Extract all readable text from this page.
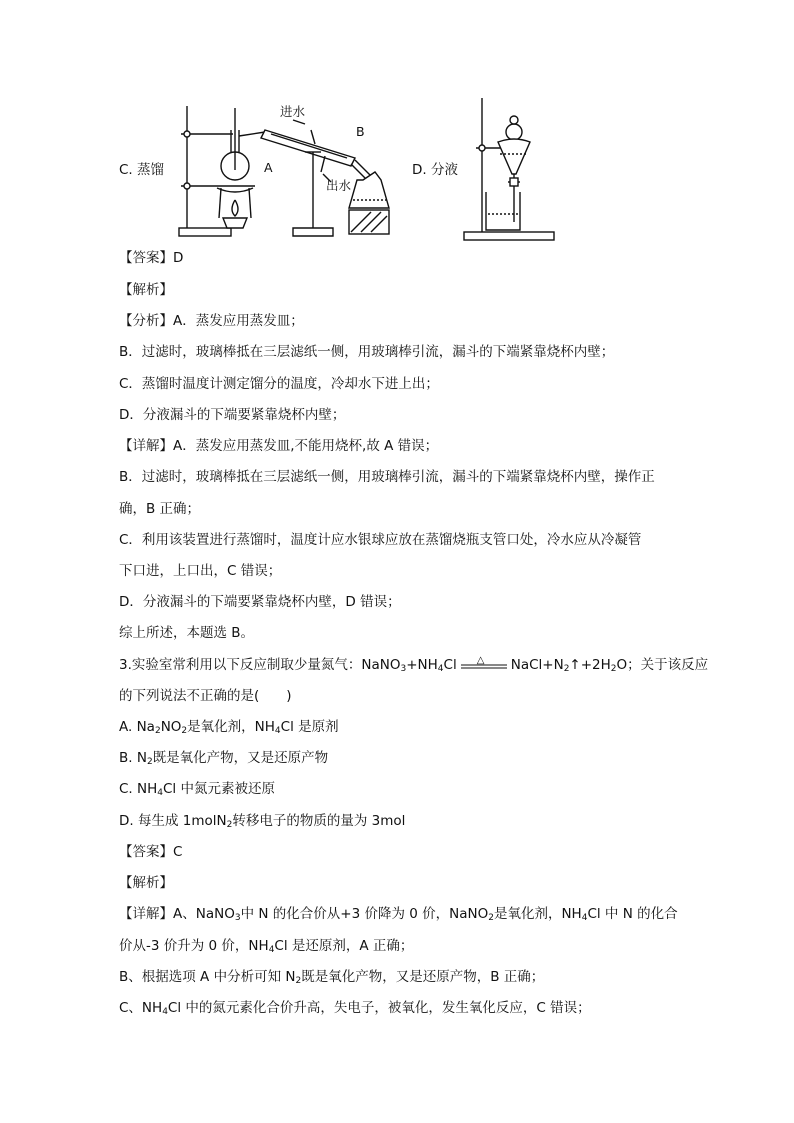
C. 蒸馏
进水
出水
A
B
D. 分液
【答案】D
【解析】
【分析】A．蒸发应用蒸发皿；
B．过滤时，玻璃棒抵在三层滤纸一侧，用玻璃棒引流，漏斗的下端紧靠烧杯内壁；
C．蒸馏时温度计测定馏分的温度，冷却水下进上出；
D．分液漏斗的下端要紧靠烧杯内壁；
【详解】A．蒸发应用蒸发皿,不能用烧杯,故 A 错误；
B．过滤时，玻璃棒抵在三层滤纸一侧，用玻璃棒引流，漏斗的下端紧靠烧杯内壁，操作正
确，B 正确；
C．利用该装置进行蒸馏时，温度计应水银球应放在蒸馏烧瓶支管口处，冷水应从冷凝管
下口进，上口出，C 错误；
D．分液漏斗的下端要紧靠烧杯内壁，D 错误；
综上所述，本题选 B。
3.实验室常利用以下反应制取少量氮气：$NaNO_3+NH_4Cl$ △ $NaCl+N_2↑+2H_2O$；关于该反应
的下列说法不正确的是(　　)
A. $Na_2NO_2$是氧化剂，$NH_4Cl$ 是原剂
B. $N_2$既是氧化产物，又是还原产物
C. $NH_4Cl$ 中氮元素被还原
D. 每生成 1molN$_2$转移电子的物质的量为 3mol
【答案】C
【解析】
【详解】A、NaNO$_3$中 N 的化合价从+3 价降为 0 价，NaNO$_2$是氧化剂，$NH_4Cl$ 中 N 的化合
价从-3 价升为 0 价，$NH_4Cl$ 是还原剂，A 正确；
B、根据选项 A 中分析可知 $N_2$既是氧化产物，又是还原产物，B 正确；
C、$NH_4Cl$ 中的氮元素化合价升高，失电子，被氧化，发生氧化反应，C 错误；
